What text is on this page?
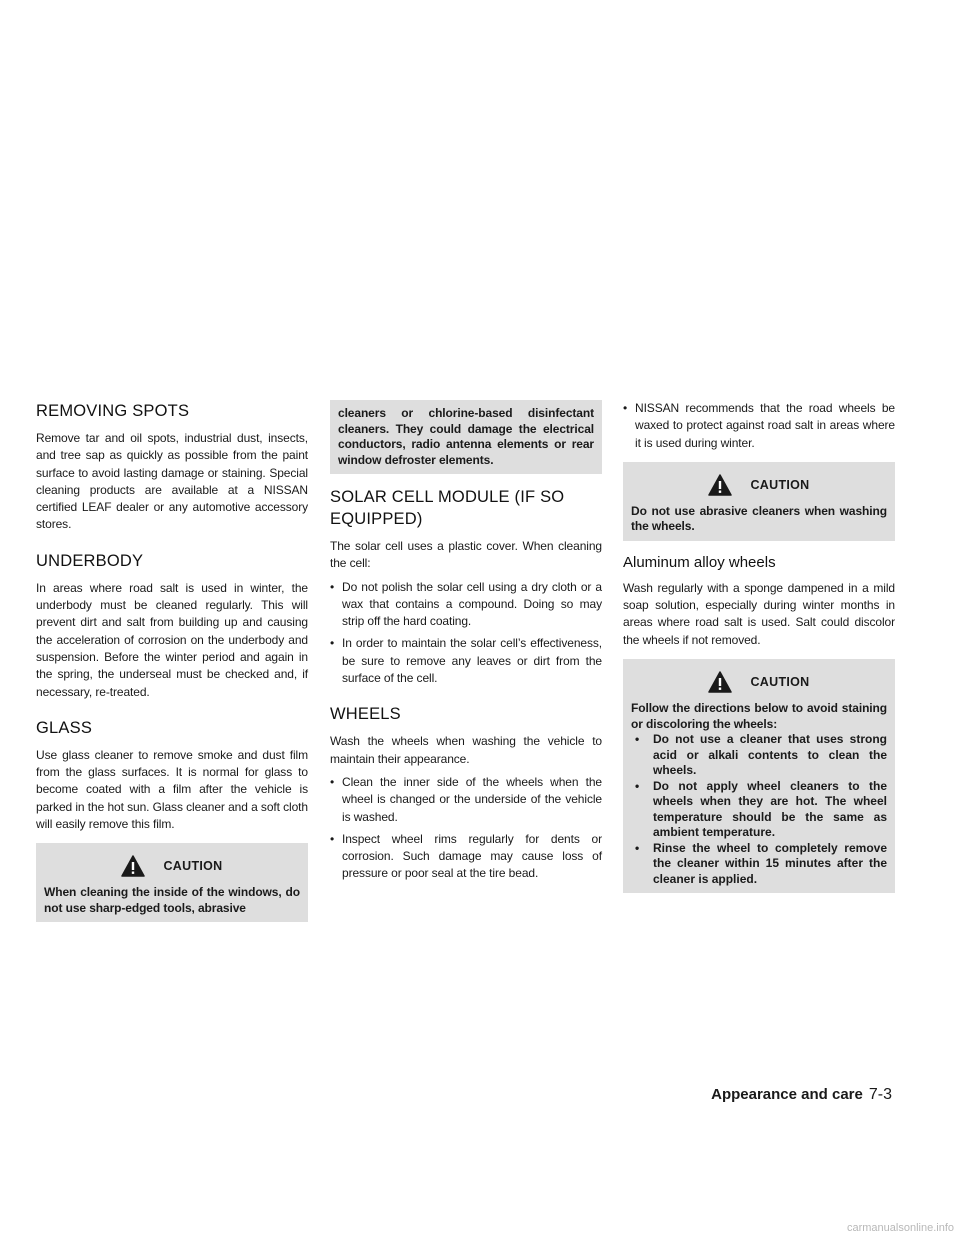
REMOVING SPOTS

Remove tar and oil spots, industrial dust, insects, and tree sap as quickly as possible from the paint surface to avoid lasting damage or staining. Special cleaning products are available at a NISSAN certified LEAF dealer or any automotive accessory stores.

UNDERBODY

In areas where road salt is used in winter, the underbody must be cleaned regularly. This will prevent dirt and salt from building up and causing the acceleration of corrosion on the underbody and suspension. Before the winter period and again in the spring, the underseal must be checked and, if necessary, re-treated.

GLASS

Use glass cleaner to remove smoke and dust film from the glass surfaces. It is normal for glass to become coated with a film after the vehicle is parked in the hot sun. Glass cleaner and a soft cloth will easily remove this film.

CAUTION

When cleaning the inside of the windows, do not use sharp-edged tools, abrasive

cleaners or chlorine-based disinfectant cleaners. They could damage the electrical conductors, radio antenna elements or rear window defroster elements.

SOLAR CELL MODULE (IF SO EQUIPPED)

The solar cell uses a plastic cover. When cleaning the cell:

• Do not polish the solar cell using a dry cloth or a wax that contains a compound. Doing so may strip off the hard coating.
• In order to maintain the solar cell’s effectiveness, be sure to remove any leaves or dirt from the surface of the cell.
WHEELS

Wash the wheels when washing the vehicle to maintain their appearance.

• Clean the inner side of the wheels when the wheel is changed or the underside of the vehicle is washed.
• Inspect wheel rims regularly for dents or corrosion. Such damage may cause loss of pressure or poor seal at the tire bead.
• NISSAN recommends that the road wheels be waxed to protect against road salt in areas where it is used during winter.
CAUTION

Do not use abrasive cleaners when washing the wheels.

Aluminum alloy wheels

Wash regularly with a sponge dampened in a mild soap solution, especially during winter months in areas where road salt is used. Salt could discolor the wheels if not removed.

CAUTION

Follow the directions below to avoid staining or discoloring the wheels:

• Do not use a cleaner that uses strong acid or alkali contents to clean the wheels.
• Do not apply wheel cleaners to the wheels when they are hot. The wheel temperature should be the same as ambient temperature.
• Rinse the wheel to completely remove the cleaner within 15 minutes after the cleaner is applied.
Appearance and care 7-3
carmanualsonline.info
